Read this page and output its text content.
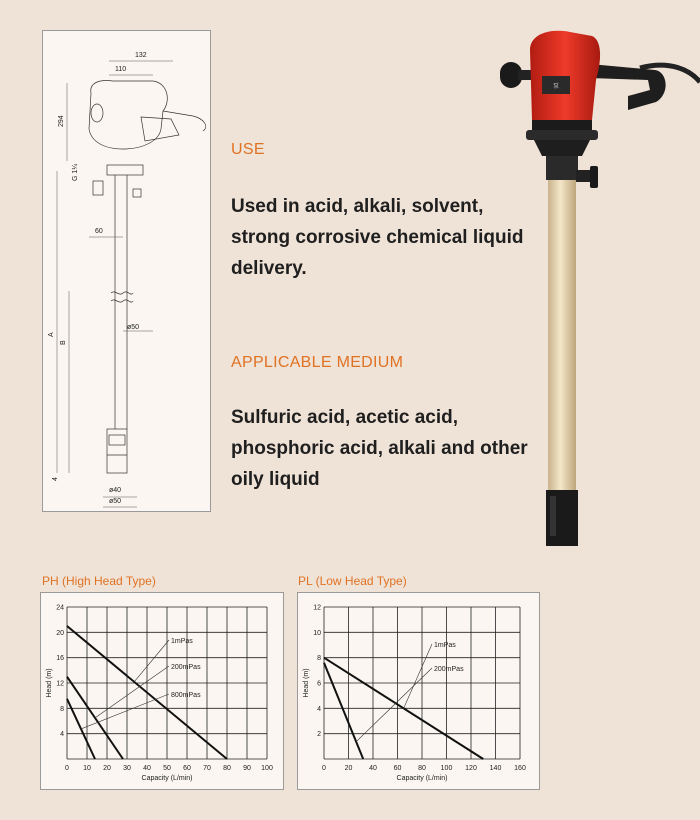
132
110
294
G 1¼
60
A
B
ø50
ø40
ø50
4
USE
Used in acid, alkali, solvent, strong corrosive chemical liquid delivery.
APPLICABLE MEDIUM
Sulfuric acid, acetic acid, phosphoric acid, alkali and other oily liquid
泵
PH (High Head Type)
0 10 20 30 40 50 60 70 80 90 100
4
8
12
16
20
24
Capacity (L/min)
Head (m)
1mPas
200mPas
800mPas
PL (Low Head Type)
0	20 40 60 80 100 120 140 160
2
4
6
8
10
12
Capacity (L/min)
Head (m)
1mPas
200mPas
